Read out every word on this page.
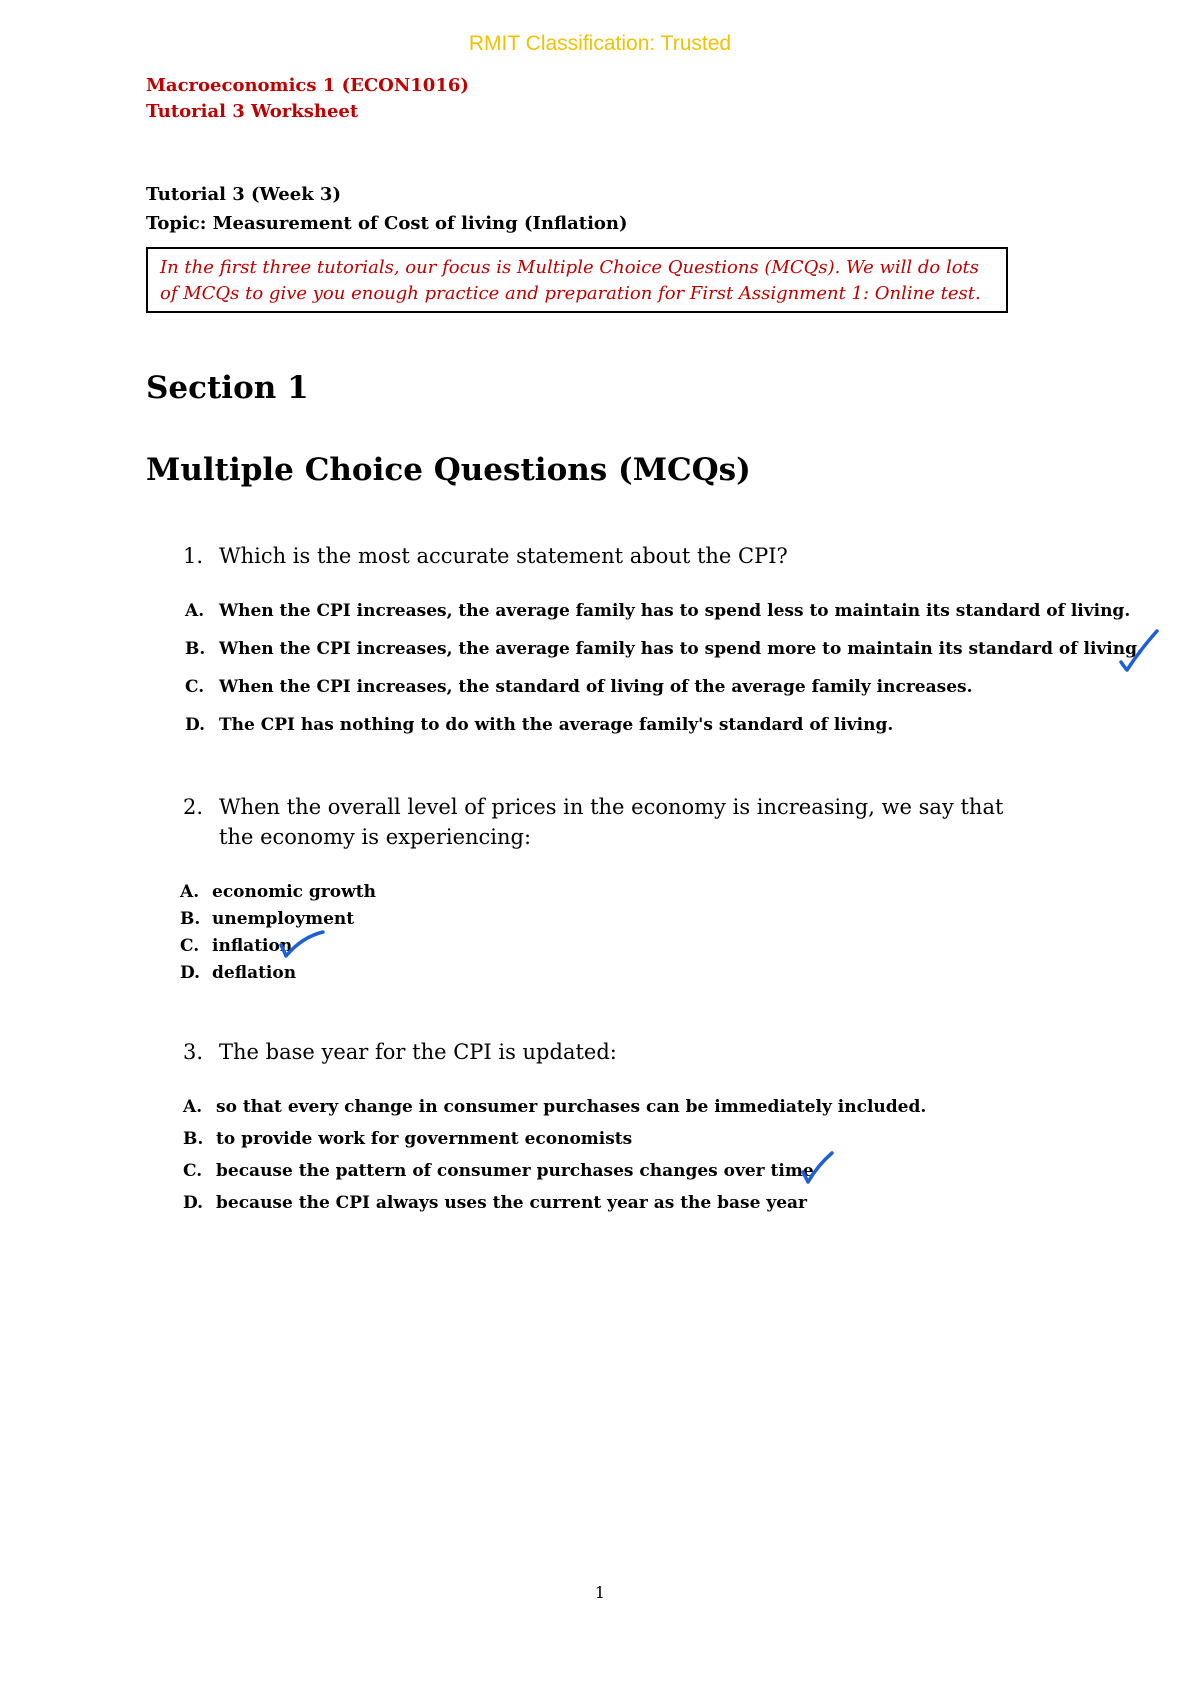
RMIT Classification: Trusted
Macroeconomics 1 (ECON1016)
Tutorial 3 Worksheet
Tutorial 3 (Week 3)
Topic: Measurement of Cost of living (Inflation)
In the first three tutorials, our focus is Multiple Choice Questions (MCQs). We will do lots of MCQs to give you enough practice and preparation for First Assignment 1: Online test.
Section 1
Multiple Choice Questions (MCQs)
1. Which is the most accurate statement about the CPI?
A. When the CPI increases, the average family has to spend less to maintain its standard of living.
B. When the CPI increases, the average family has to spend more to maintain its standard of living.
C. When the CPI increases, the standard of living of the average family increases.
D. The CPI has nothing to do with the average family's standard of living.
2. When the overall level of prices in the economy is increasing, we say that the economy is experiencing:
A. economic growth
B. unemployment
C. inflation
D. deflation
3. The base year for the CPI is updated:
A. so that every change in consumer purchases can be immediately included.
B. to provide work for government economists
C. because the pattern of consumer purchases changes over time
D. because the CPI always uses the current year as the base year
1
